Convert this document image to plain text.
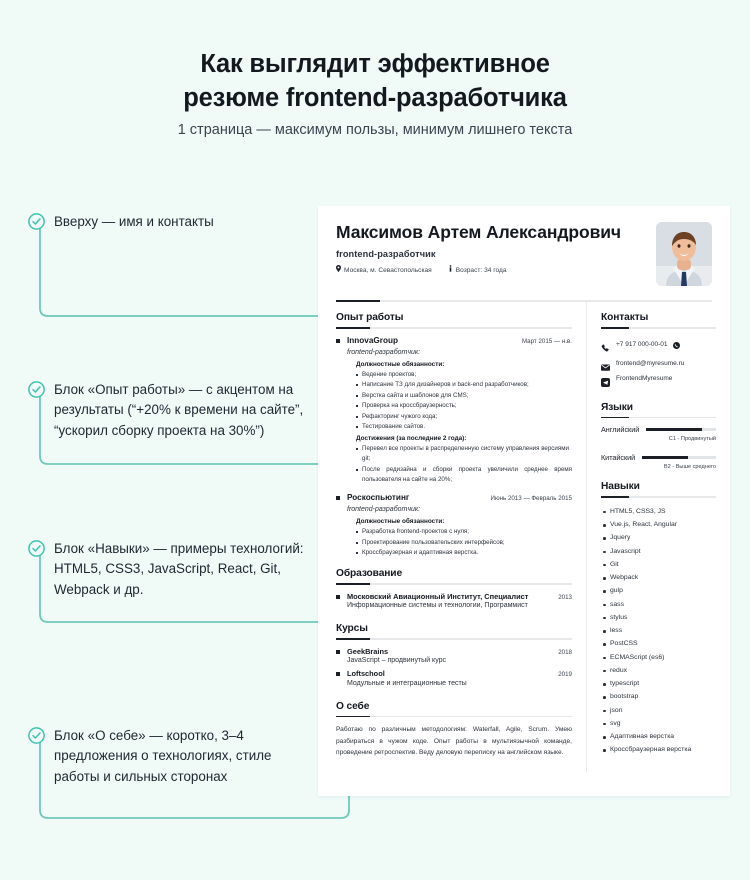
Как выглядит эффективное
резюме frontend-разработчика
1 страница — максимум пользы, минимум лишнего текста
Вверху — имя и контакты
Блок «Опыт работы» — с акцентом на результаты (“+20% к времени на сайте”, “ускорил сборку проекта на 30%”)
Блок «Навыки» — примеры технологий: HTML5, CSS3, JavaScript, React, Git, Webpack и др.
Блок «О себе» — коротко, 3–4 предложения о технологиях, стиле работы и сильных сторонах
Максимов Артем Александрович
frontend-разработчик
Москва, м. Севастопольская	Возраст: 34 года
Опыт работы
InnovaGroup	Март 2015 — н.в.
frontend-разработчик:
Должностные обязанности:
Ведение проектов;
Написание ТЗ для дизайнеров и back-end разработчиков;
Верстка сайта и шаблонов для CMS;
Проверка на кроссбраузерность;
Рефакторинг чужого кода;
Тестирование сайтов.
Достижения (за последние 2 года):
Перевел все проекты в распределенную систему управления версиями git;
После редизайна и сборки проекта увеличили среднее время пользователя на сайте на 20%;
Роскоспьютинг	Июнь 2013 — Февраль 2015
frontend-разработчик:
Должностные обязанности:
Разработка frontend-проектов с нуля;
Проектирование пользовательских интерфейсов;
Кроссбраузерная и адаптивная верстка.
Образование
Московский Авиационный Институт, Специалист	2013
Информационные системы и технологии, Программист
Курсы
GeekBrains	2018
JavaScript – продвинутый курс
Loftschool	2019
Модульные и интеграционные тесты
О себе
Работаю по различным методологиям: Waterfall, Agile, Scrum. Умею разбираться в чужом коде. Опыт работы в мультиязычной команде, проведение ретроспектив. Веду деловую переписку на английском языке.
Контакты
+7 917 000-00-01
frontend@myresume.ru
FrontendMyresume
Языки
Английский
C1 - Продвинутый
Китайский
B2 - Выше среднего
Навыки
HTML5, CSS3, JS
Vue.js, React, Angular
Jquery
Javascript
Git
Webpack
gulp
sass
stylus
less
PostCSS
ECMAScript (es6)
redux
typescript
bootstrap
json
svg
Адаптивная верстка
Кроссбраузерная верстка
